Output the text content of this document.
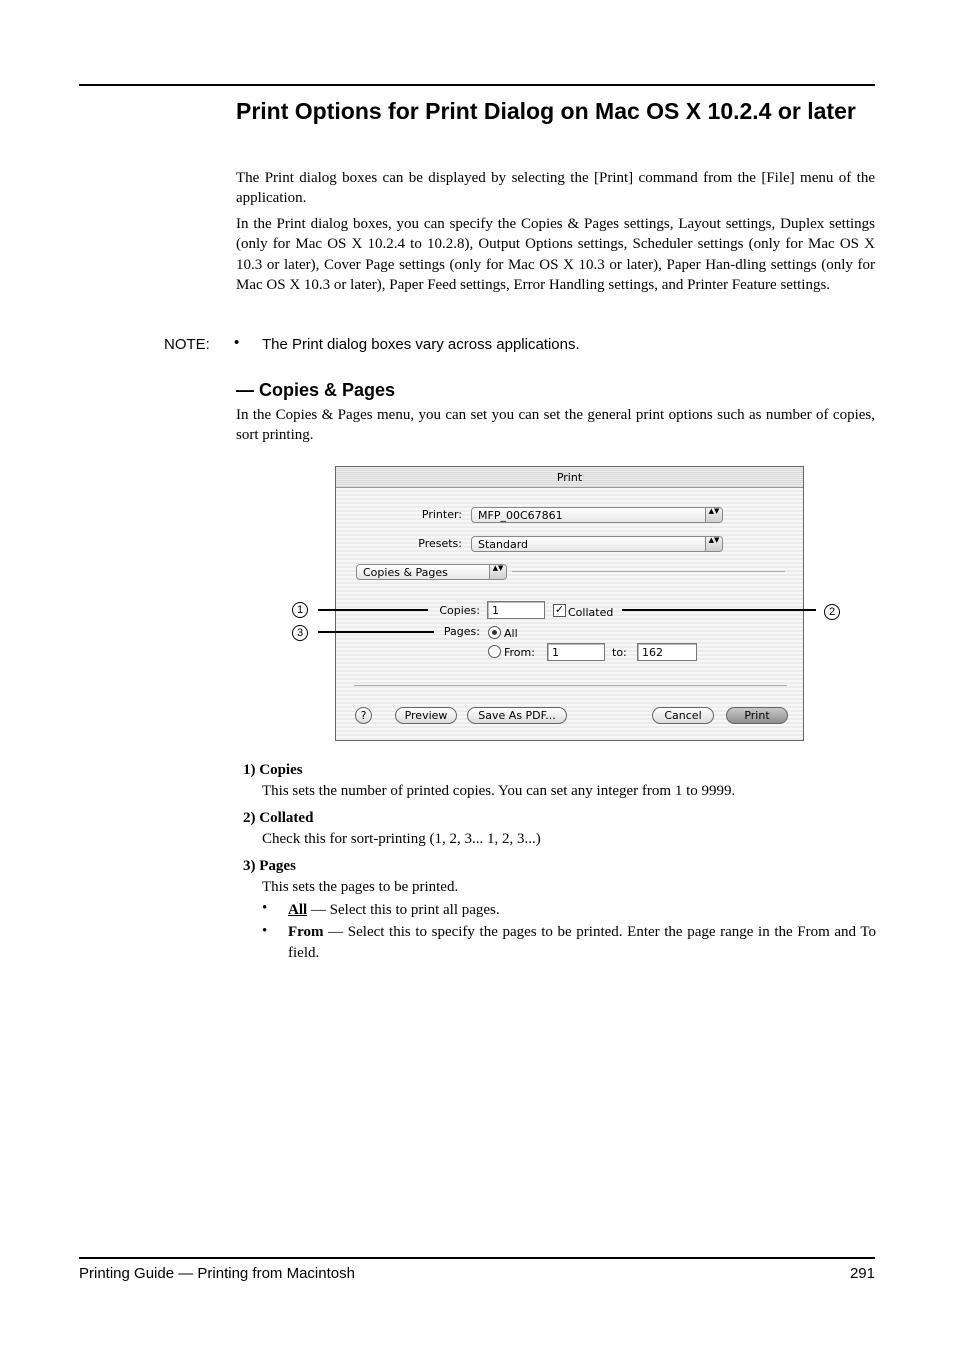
Print Options for Print Dialog on Mac OS X 10.2.4 or later

The Print dialog boxes can be displayed by selecting the [Print] command from the [File] menu of the application.

In the Print dialog boxes, you can specify the Copies & Pages settings, Layout settings, Duplex settings (only for Mac OS X 10.2.4 to 10.2.8), Output Options settings, Scheduler settings (only for Mac OS X 10.3 or later), Cover Page settings (only for Mac OS X 10.3 or later), Paper Han-dling settings (only for Mac OS X 10.3 or later), Paper Feed settings, Error Handling settings, and Printer Feature settings.

NOTE: • The Print dialog boxes vary across applications.
— Copies & Pages

In the Copies & Pages menu, you can set you can set the general print options such as number of copies, sort printing.

Print
Printer: MFP_00C67861	▲▼
Presets: Standard	▲▼
Copies & Pages	▲▼
Copies: 1	✓ Collated
Pages: All
From: 1	to: 162
?	Preview	Save As PDF...	Cancel	Print
1	2
3
1) Copies
This sets the number of printed copies. You can set any integer from 1 to 9999.
2) Collated
Check this for sort-printing (1, 2, 3... 1, 2, 3...)
3) Pages
This sets the pages to be printed.
• All — Select this to print all pages.
• From — Select this to specify the pages to be printed. Enter the page range in the From and To field.
Printing Guide — Printing from Macintosh	291
